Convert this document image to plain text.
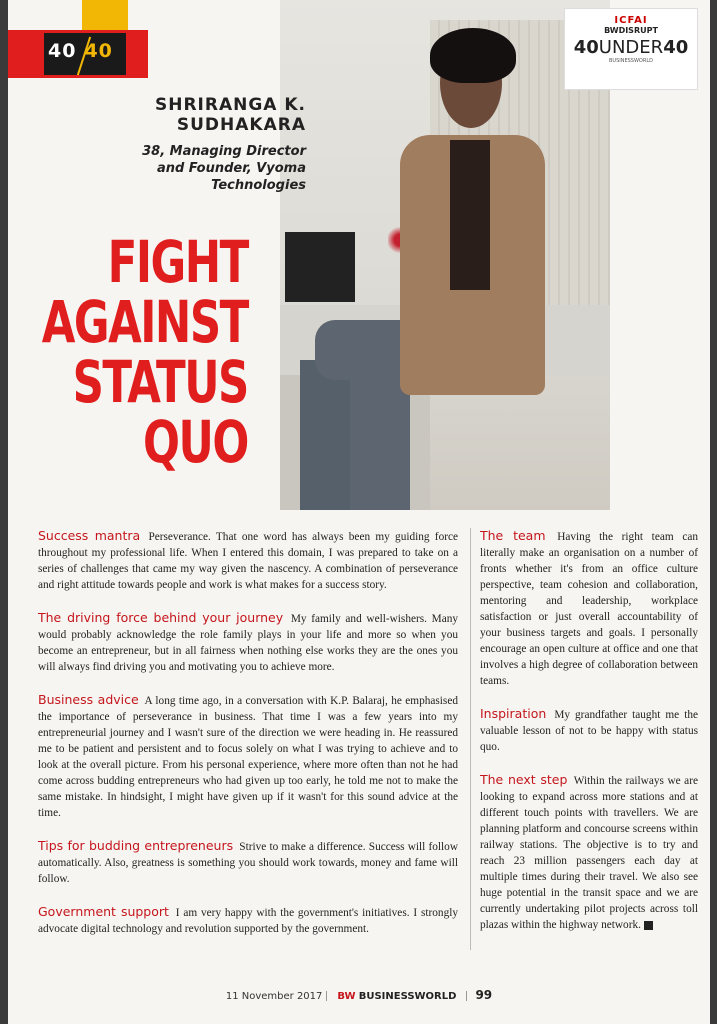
40 40
ICFAI
BWDISRUPT
40UNDER40
BUSINESSWORLD
SHRIRANGA K.
SUDHAKARA
38, Managing Director
and Founder, Vyoma
Technologies
FIGHT
AGAINST
STATUS
QUO

Success mantra Perseverance. That one word has always been my guiding force throughout my professional life. When I entered this domain, I was prepared to take on a series of challenges that came my way given the nascency. A combination of perseverance and right attitude towards people and work is what makes for a success story.

The driving force behind your journey My family and well-wishers. Many would probably acknowledge the role family plays in your life and more so when you become an entrepreneur, but in all fairness when nothing else works they are the ones you will always find driving you and motivating you to achieve more.

Business advice A long time ago, in a conversation with K.P. Balaraj, he emphasised the importance of perseverance in business. That time I was a few years into my entrepreneurial journey and I wasn't sure of the direction we were heading in. He reassured me to be patient and persistent and to focus solely on what I was trying to achieve and to look at the overall picture. From his personal experience, where more often than not he had come across budding entrepreneurs who had given up too early, he told me not to make the same mistake. In hindsight, I might have given up if it wasn't for this sound advice at the time.

Tips for budding entrepreneurs Strive to make a difference. Success will follow automatically. Also, greatness is something you should work towards, money and fame will follow.

Government support I am very happy with the government's initiatives. I strongly advocate digital technology and revolution supported by the government.

The team Having the right team can literally make an organisation on a number of fronts whether it's from an office culture perspective, team cohesion and collaboration, mentoring and leadership, workplace satisfaction or just overall accountability of your business targets and goals. I personally encourage an open culture at office and one that involves a high degree of collaboration between teams.

Inspiration My grandfather taught me the valuable lesson of not to be happy with status quo.

The next step Within the railways we are looking to expand across more stations and at different touch points with travellers. We are planning platform and concourse screens within railway stations. The objective is to try and reach 23 million passengers each day at multiple times during their travel. We also see huge potential in the transit space and we are currently undertaking pilot projects across toll plazas within the highway network.

11 November 2017 BW BUSINESSWORLD 99
